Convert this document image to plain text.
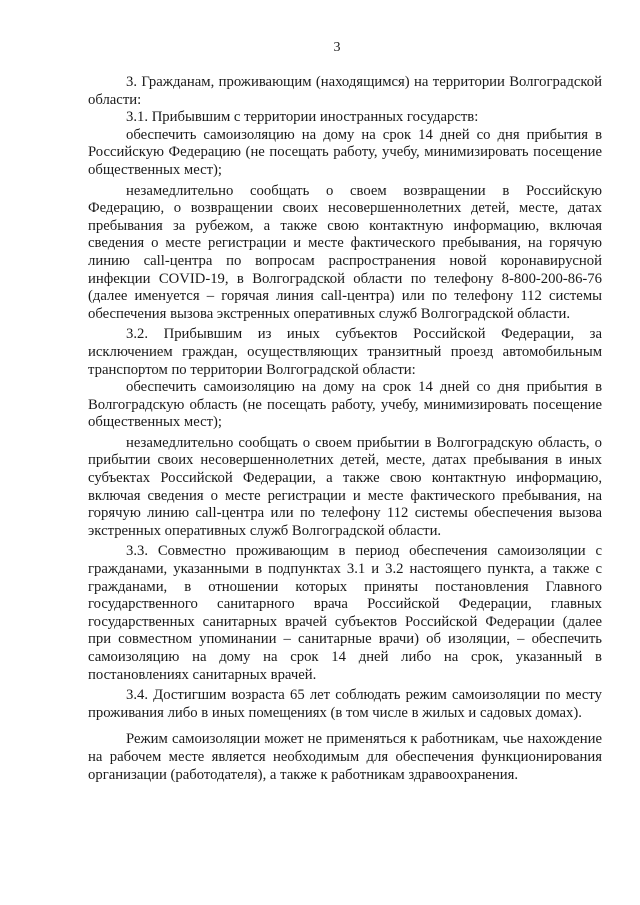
3

3. Гражданам, проживающим (находящимся) на территории Волгоградской области:

3.1. Прибывшим с территории иностранных государств:

обеспечить самоизоляцию на дому на срок 14 дней со дня прибытия в Российскую Федерацию (не посещать работу, учебу, минимизировать посещение общественных мест);

незамедлительно сообщать о своем возвращении в Российскую Федерацию, о возвращении своих несовершеннолетних детей, месте, датах пребывания за рубежом, а также свою контактную информацию, включая сведения о месте регистрации и месте фактического пребывания, на горячую линию call-центра по вопросам распространения новой коронавирусной инфекции COVID-19, в Волгоградской области по телефону 8-800-200-86-76 (далее именуется – горячая линия call-центра) или по телефону 112 системы обеспечения вызова экстренных оперативных служб Волгоградской области.

3.2. Прибывшим из иных субъектов Российской Федерации, за исключением граждан, осуществляющих транзитный проезд автомобильным транспортом по территории Волгоградской области:

обеспечить самоизоляцию на дому на срок 14 дней со дня прибытия в Волгоградскую область (не посещать работу, учебу, минимизировать посещение общественных мест);

незамедлительно сообщать о своем прибытии в Волгоградскую область, о прибытии своих несовершеннолетних детей, месте, датах пребывания в иных субъектах Российской Федерации, а также свою контактную информацию, включая сведения о месте регистрации и месте фактического пребывания, на горячую линию call-центра или по телефону 112 системы обеспечения вызова экстренных оперативных служб Волгоградской области.

3.3. Совместно проживающим в период обеспечения самоизоляции с гражданами, указанными в подпунктах 3.1 и 3.2 настоящего пункта, а также с гражданами, в отношении которых приняты постановления Главного государственного санитарного врача Российской Федерации, главных государственных санитарных врачей субъектов Российской Федерации (далее при совместном упоминании – санитарные врачи) об изоляции, – обеспечить самоизоляцию на дому на срок 14 дней либо на срок, указанный в постановлениях санитарных врачей.

3.4. Достигшим возраста 65 лет соблюдать режим самоизоляции по месту проживания либо в иных помещениях (в том числе в жилых и садовых домах).

Режим самоизоляции может не применяться к работникам, чье нахождение на рабочем месте является необходимым для обеспечения функционирования организации (работодателя), а также к работникам здравоохранения.
